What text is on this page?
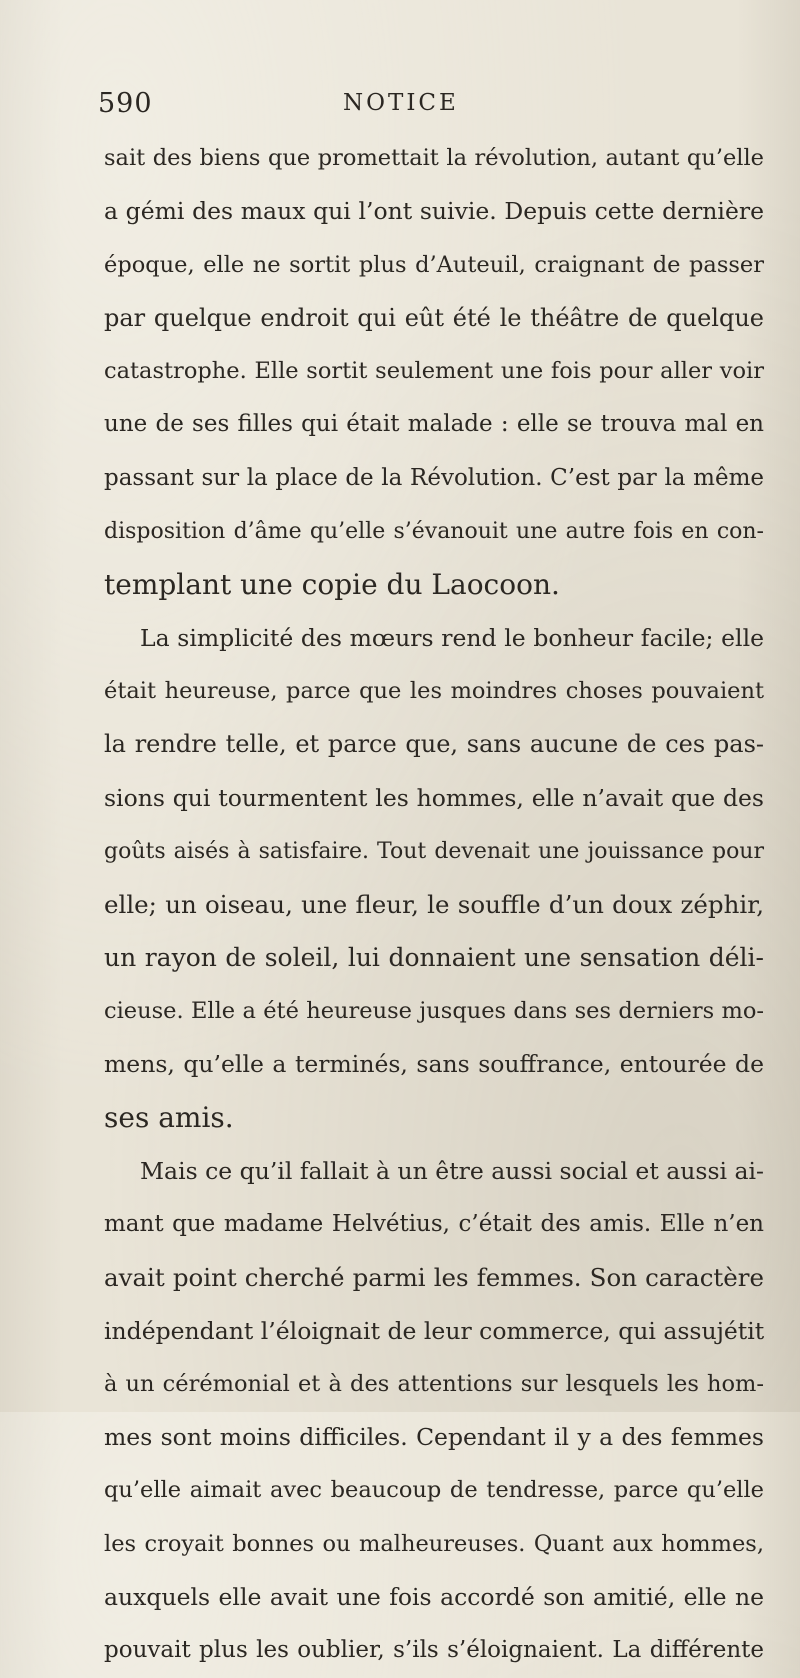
590	NOTICE
sait des biens que promettait la révolution, autant qu’elle
a gémi des maux qui l’ont suivie. Depuis cette dernière
époque, elle ne sortit plus d’Auteuil, craignant de passer
par quelque endroit qui eût été le théâtre de quelque
catastrophe. Elle sortit seulement une fois pour aller voir
une de ses filles qui était malade : elle se trouva mal en
passant sur la place de la Révolution. C’est par la même
disposition d’âme qu’elle s’évanouit une autre fois en con-
templant une copie du Laocoon.
La simplicité des mœurs rend le bonheur facile; elle
était heureuse, parce que les moindres choses pouvaient
la rendre telle, et parce que, sans aucune de ces pas-
sions qui tourmentent les hommes, elle n’avait que des
goûts aisés à satisfaire. Tout devenait une jouissance pour
elle; un oiseau, une fleur, le souffle d’un doux zéphir,
un rayon de soleil, lui donnaient une sensation déli-
cieuse. Elle a été heureuse jusques dans ses derniers mo-
mens, qu’elle a terminés, sans souffrance, entourée de
ses amis.
Mais ce qu’il fallait à un être aussi social et aussi ai-
mant que madame Helvétius, c’était des amis. Elle n’en
avait point cherché parmi les femmes. Son caractère
indépendant l’éloignait de leur commerce, qui assujétit
à un cérémonial et à des attentions sur lesquels les hom-
mes sont moins difficiles. Cependant il y a des femmes
qu’elle aimait avec beaucoup de tendresse, parce qu’elle
les croyait bonnes ou malheureuses. Quant aux hommes,
auxquels elle avait une fois accordé son amitié, elle ne
pouvait plus les oublier, s’ils s’éloignaient. La différente
